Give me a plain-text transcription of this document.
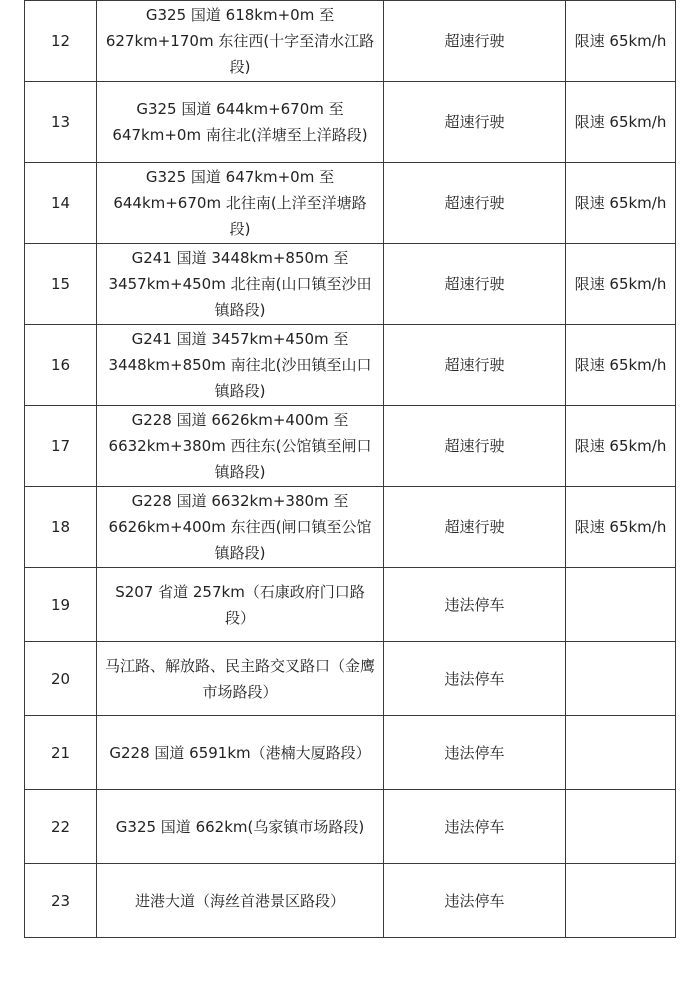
12	G325 国道 618km+0m 至 627km+170m 东往西(十字至清水江路段)	超速行驶	限速 65km/h
13	G325 国道 644km+670m 至 647km+0m 南往北(洋塘至上洋路段)	超速行驶	限速 65km/h
14	G325 国道 647km+0m 至 644km+670m 北往南(上洋至洋塘路段)	超速行驶	限速 65km/h
15	G241 国道 3448km+850m 至 3457km+450m 北往南(山口镇至沙田镇路段)	超速行驶	限速 65km/h
16	G241 国道 3457km+450m 至 3448km+850m 南往北(沙田镇至山口镇路段)	超速行驶	限速 65km/h
17	G228 国道 6626km+400m 至 6632km+380m 西往东(公馆镇至闸口镇路段)	超速行驶	限速 65km/h
18	G228 国道 6632km+380m 至 6626km+400m 东往西(闸口镇至公馆镇路段)	超速行驶	限速 65km/h
19	S207 省道 257km（石康政府门口路段）	违法停车	
20	马江路、解放路、民主路交叉路口（金鹰市场路段）	违法停车	
21	G228 国道 6591km（港楠大厦路段）	违法停车	
22	G325 国道 662km(乌家镇市场路段)	违法停车	
23	进港大道（海丝首港景区路段）	违法停车	
